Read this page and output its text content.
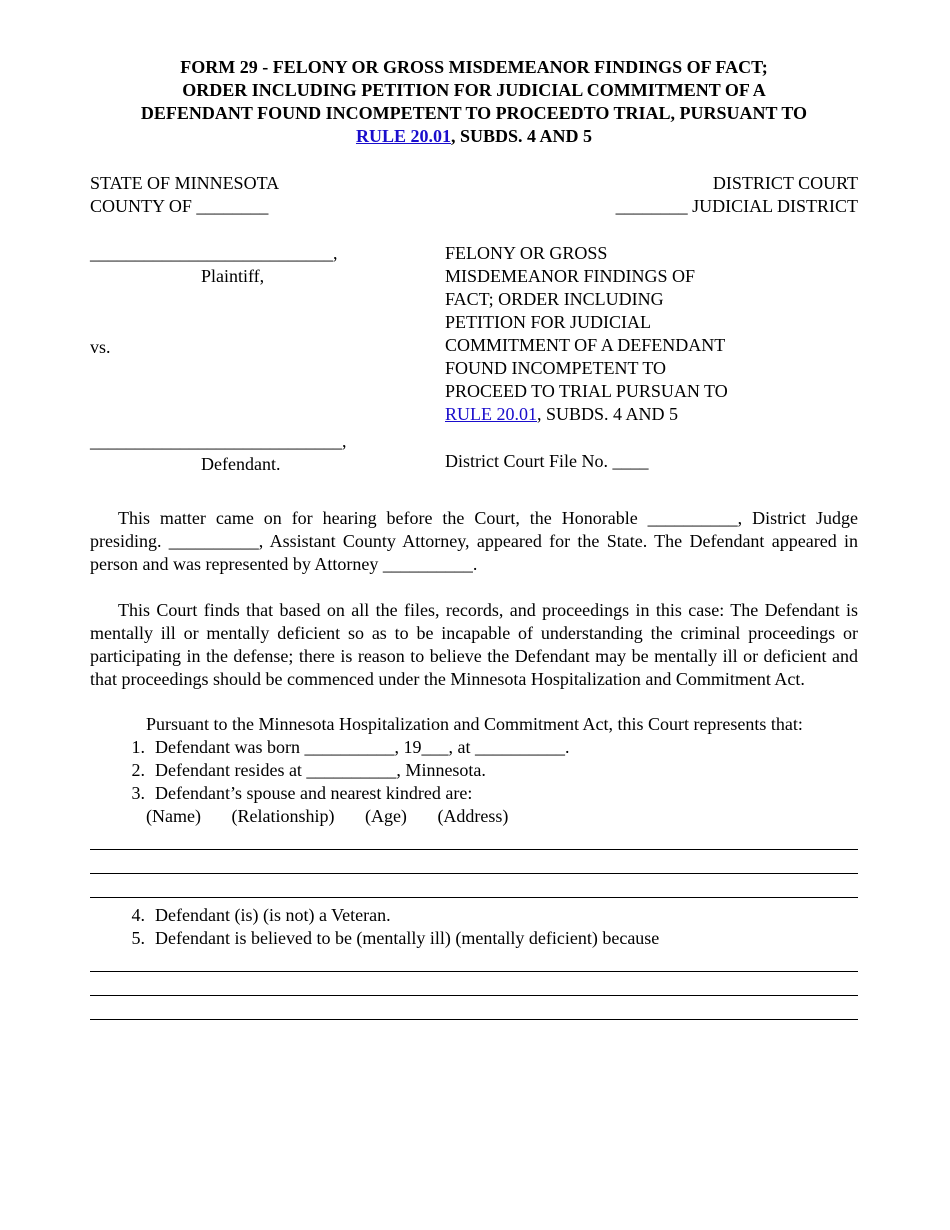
FORM 29 - FELONY OR GROSS MISDEMEANOR FINDINGS OF FACT;
ORDER INCLUDING PETITION FOR JUDICIAL COMMITMENT OF A
DEFENDANT FOUND INCOMPETENT TO PROCEEDTO TRIAL, PURSUANT TO
RULE 20.01, SUBDS. 4 AND 5
STATE OF MINNESOTA
COUNTY OF ________
DISTRICT COURT
________ JUDICIAL DISTRICT
___________________________,
Plaintiff,
vs.
____________________________,
Defendant.
FELONY OR GROSS
MISDEMEANOR FINDINGS OF
FACT; ORDER INCLUDING
PETITION FOR JUDICIAL
COMMITMENT OF A DEFENDANT
FOUND INCOMPETENT TO
PROCEED TO TRIAL PURSUAN TO
RULE 20.01, SUBDS. 4 AND 5
District Court File No. ____

This matter came on for hearing before the Court, the Honorable __________, District Judge presiding. __________, Assistant County Attorney, appeared for the State. The Defendant appeared in person and was represented by Attorney __________.

This Court finds that based on all the files, records, and proceedings in this case: The Defendant is mentally ill or mentally deficient so as to be incapable of understanding the criminal proceedings or participating in the defense; there is reason to believe the Defendant may be mentally ill or deficient and that proceedings should be commenced under the Minnesota Hospitalization and Commitment Act.

Pursuant to the Minnesota Hospitalization and Commitment Act, this Court represents that:

1.
Defendant was born __________, 19___, at __________.
2.
Defendant resides at __________, Minnesota.
3.
Defendant’s spouse and nearest kindred are:
(Name) (Relationship) (Age) (Address)
4.
Defendant (is) (is not) a Veteran.
5.
Defendant is believed to be (mentally ill) (mentally deficient) because
